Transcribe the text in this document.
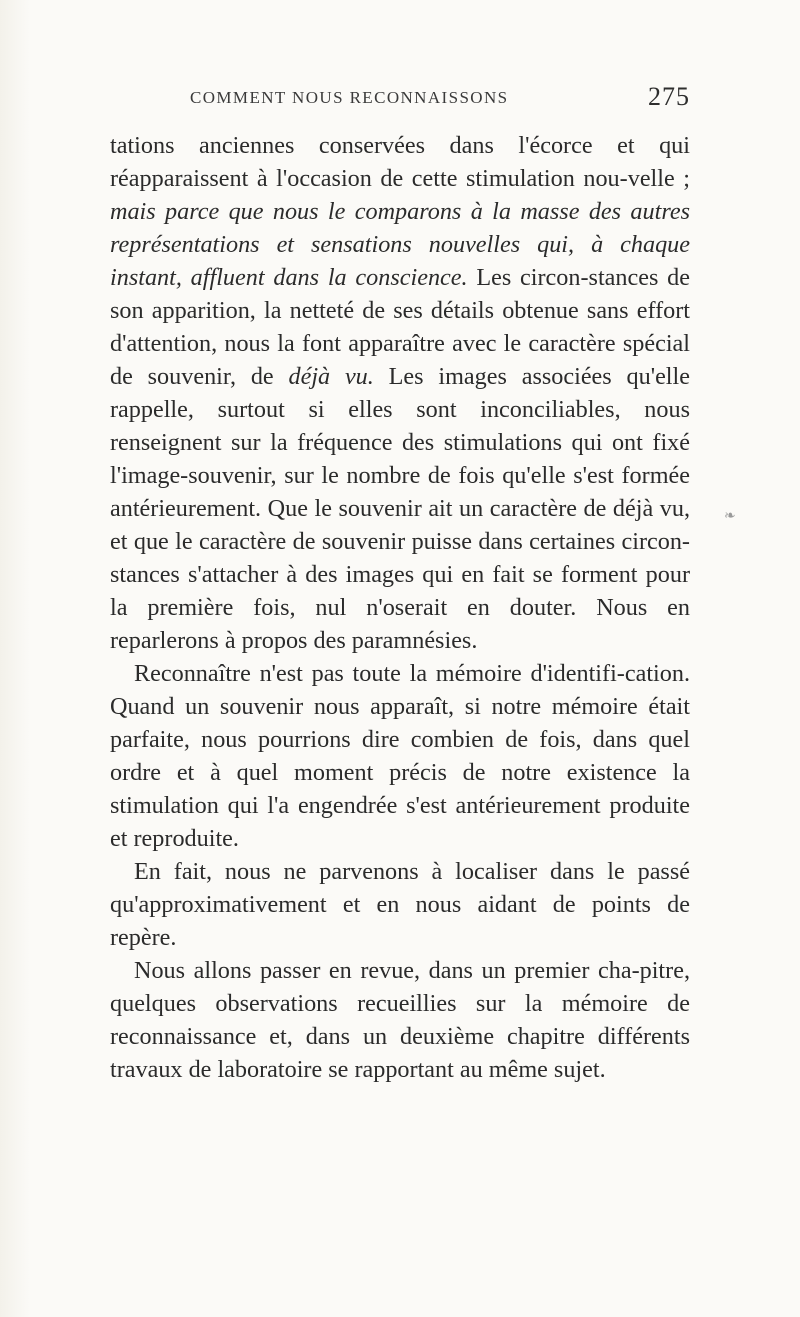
COMMENT NOUS RECONNAISSONS	275

tations anciennes conservées dans l'écorce et qui réapparaissent à l'occasion de cette stimulation nou-velle ; mais parce que nous le comparons à la masse des autres représentations et sensations nouvelles qui, à chaque instant, affluent dans la conscience. Les circon-stances de son apparition, la netteté de ses détails obtenue sans effort d'attention, nous la font apparaître avec le caractère spécial de souvenir, de déjà vu. Les images associées qu'elle rappelle, surtout si elles sont inconciliables, nous renseignent sur la fréquence des stimulations qui ont fixé l'image-souvenir, sur le nombre de fois qu'elle s'est formée antérieurement. Que le souvenir ait un caractère de déjà vu, et que le caractère de souvenir puisse dans certaines circon-stances s'attacher à des images qui en fait se forment pour la première fois, nul n'oserait en douter. Nous en reparlerons à propos des paramnésies.

Reconnaître n'est pas toute la mémoire d'identifi-cation. Quand un souvenir nous apparaît, si notre mémoire était parfaite, nous pourrions dire combien de fois, dans quel ordre et à quel moment précis de notre existence la stimulation qui l'a engendrée s'est antérieurement produite et reproduite.

En fait, nous ne parvenons à localiser dans le passé qu'approximativement et en nous aidant de points de repère.

Nous allons passer en revue, dans un premier cha-pitre, quelques observations recueillies sur la mémoire de reconnaissance et, dans un deuxième chapitre différents travaux de laboratoire se rapportant au même sujet.

❧
